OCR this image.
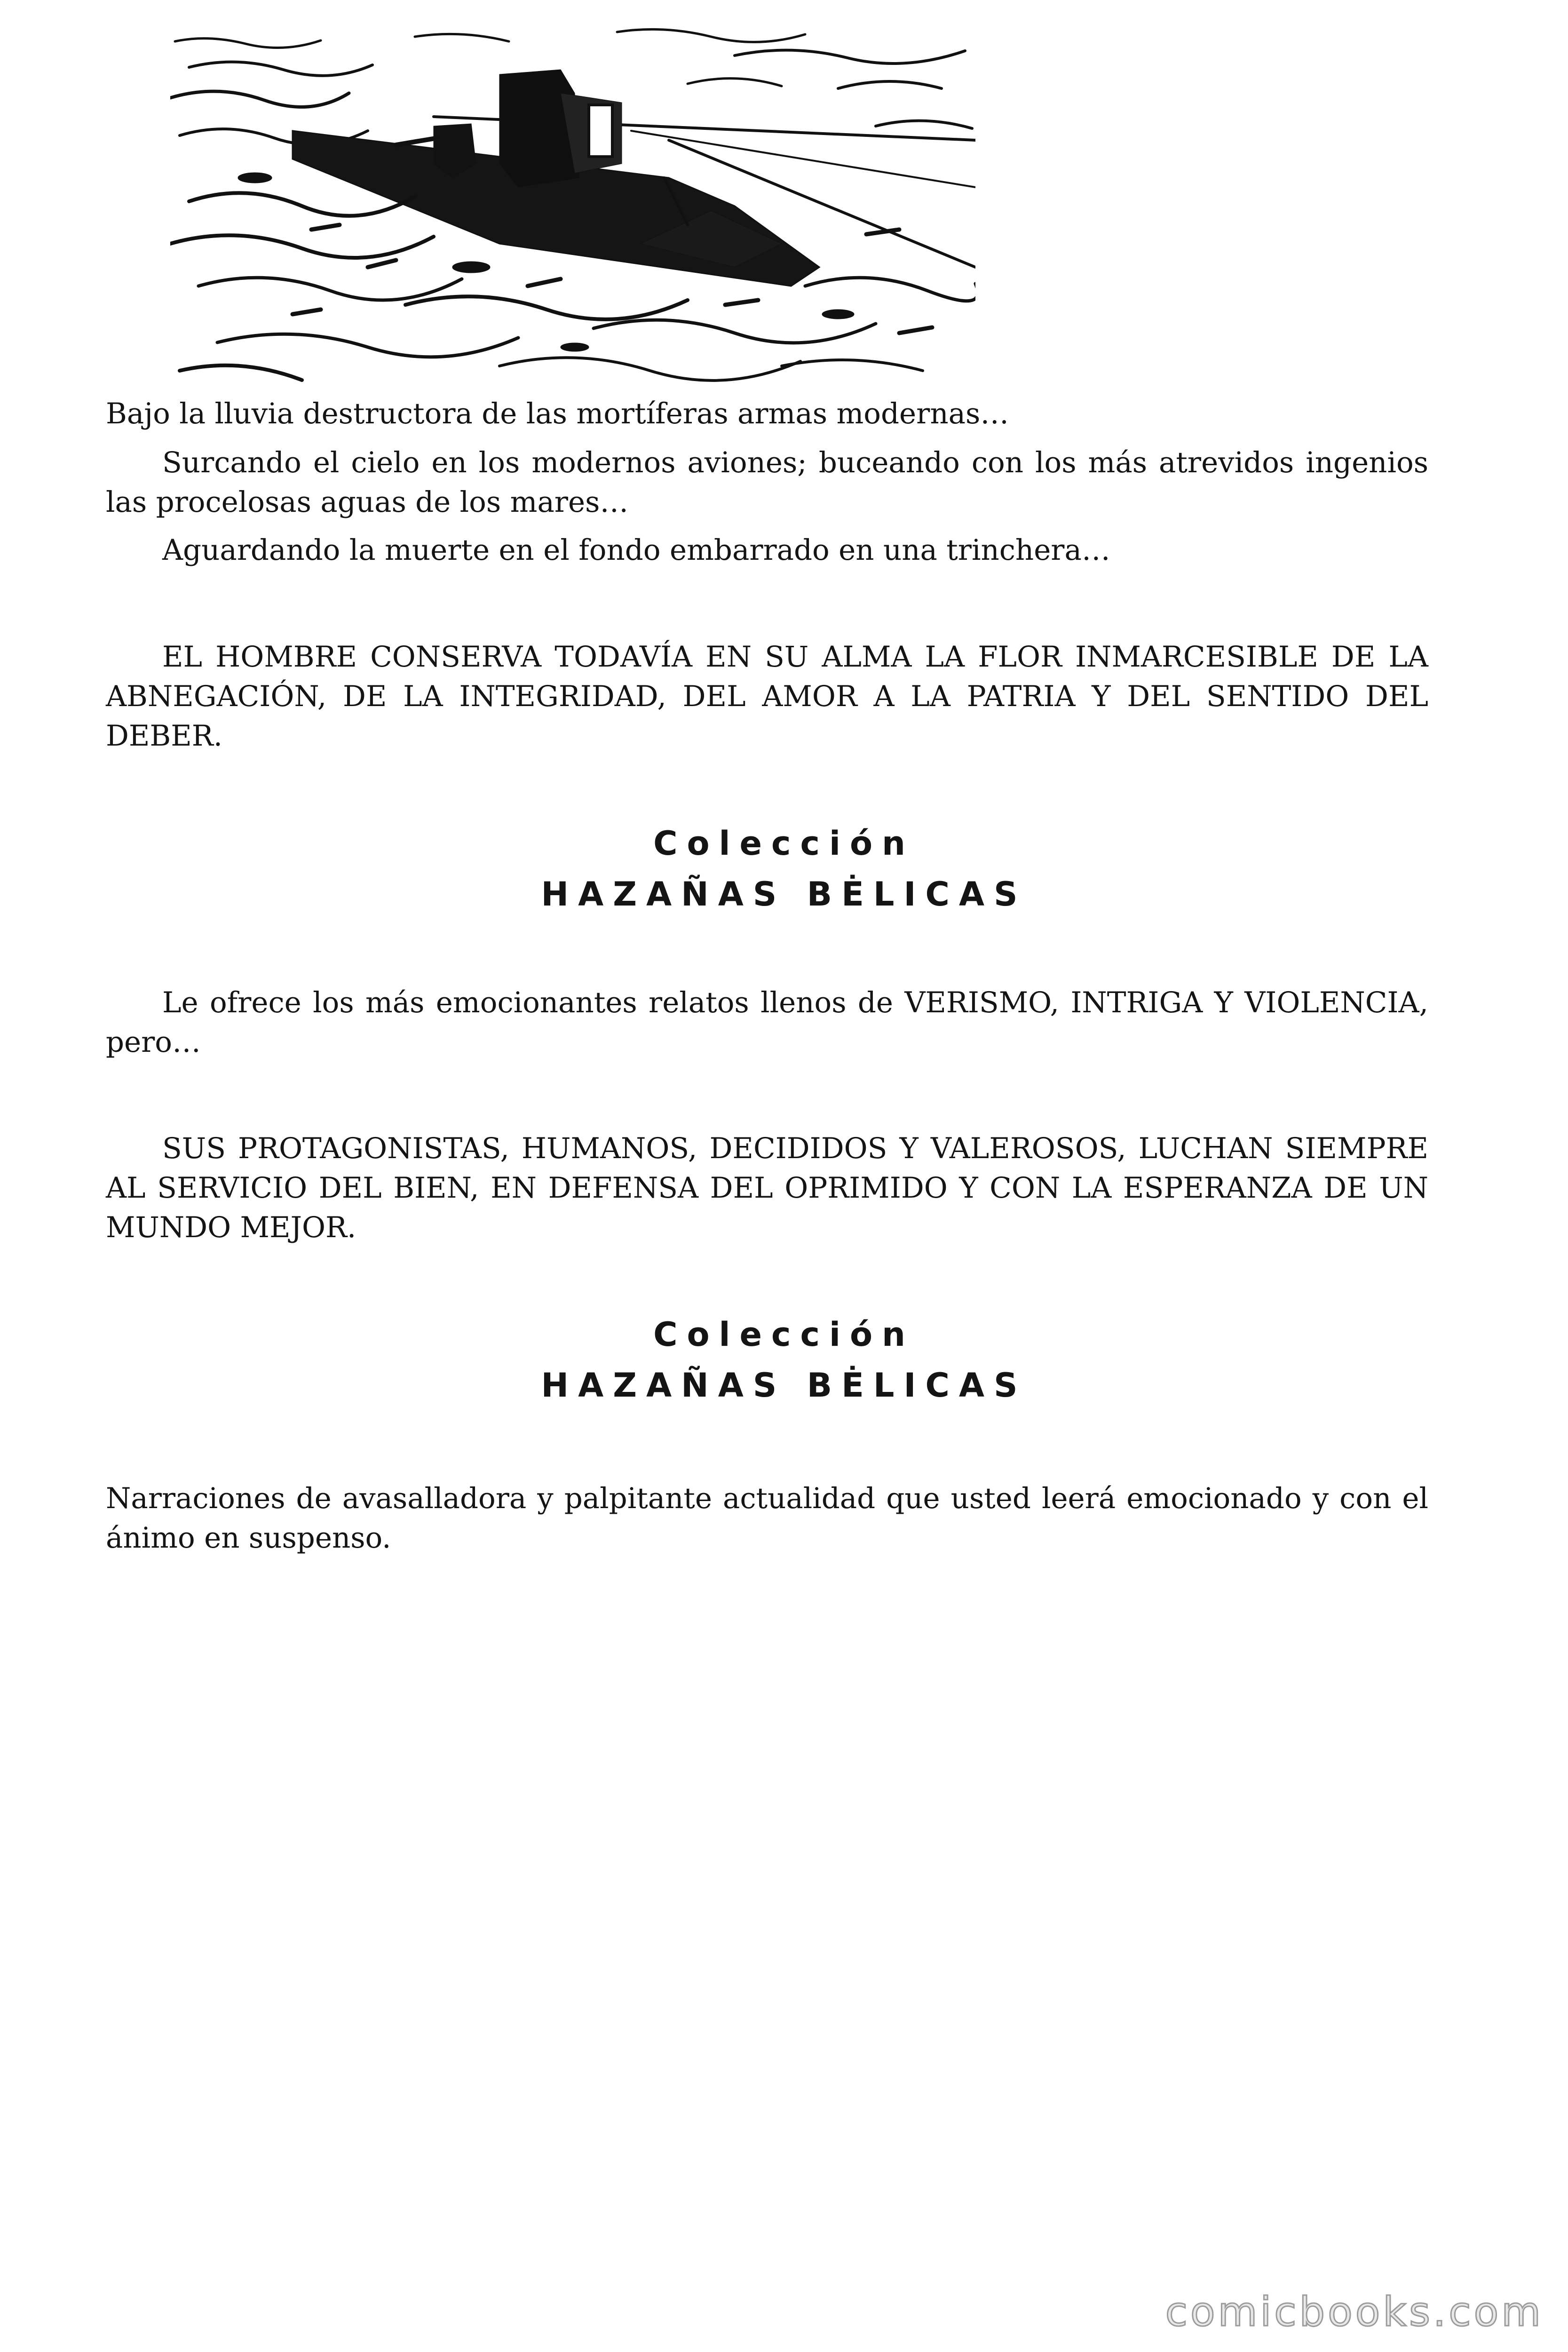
Bajo la lluvia destructora de las mortíferas armas modernas…

Surcando el cielo en los modernos aviones; buceando con los más atrevidos ingenios las procelosas aguas de los mares…

Aguardando la muerte en el fondo embarrado en una trinchera…

EL HOMBRE CONSERVA TODAVÍA EN SU ALMA LA FLOR INMARCESIBLE DE LA ABNEGACIÓN, DE LA INTEGRIDAD, DEL AMOR A LA PATRIA Y DEL SENTIDO DEL DEBER.

Colección
HAZAÑAS BĖLICAS

Le ofrece los más emocionantes relatos llenos de VERISMO, INTRIGA Y VIOLENCIA, pero…

SUS PROTAGONISTAS, HUMANOS, DECIDIDOS Y VALEROSOS, LUCHAN SIEMPRE AL SERVICIO DEL BIEN, EN DEFENSA DEL OPRIMIDO Y CON LA ESPERANZA DE UN MUNDO MEJOR.

Colección
HAZAÑAS BĖLICAS

Narraciones de avasalladora y palpitante actualidad que usted leerá emocionado y con el ánimo en suspenso.

comicbooks.com
